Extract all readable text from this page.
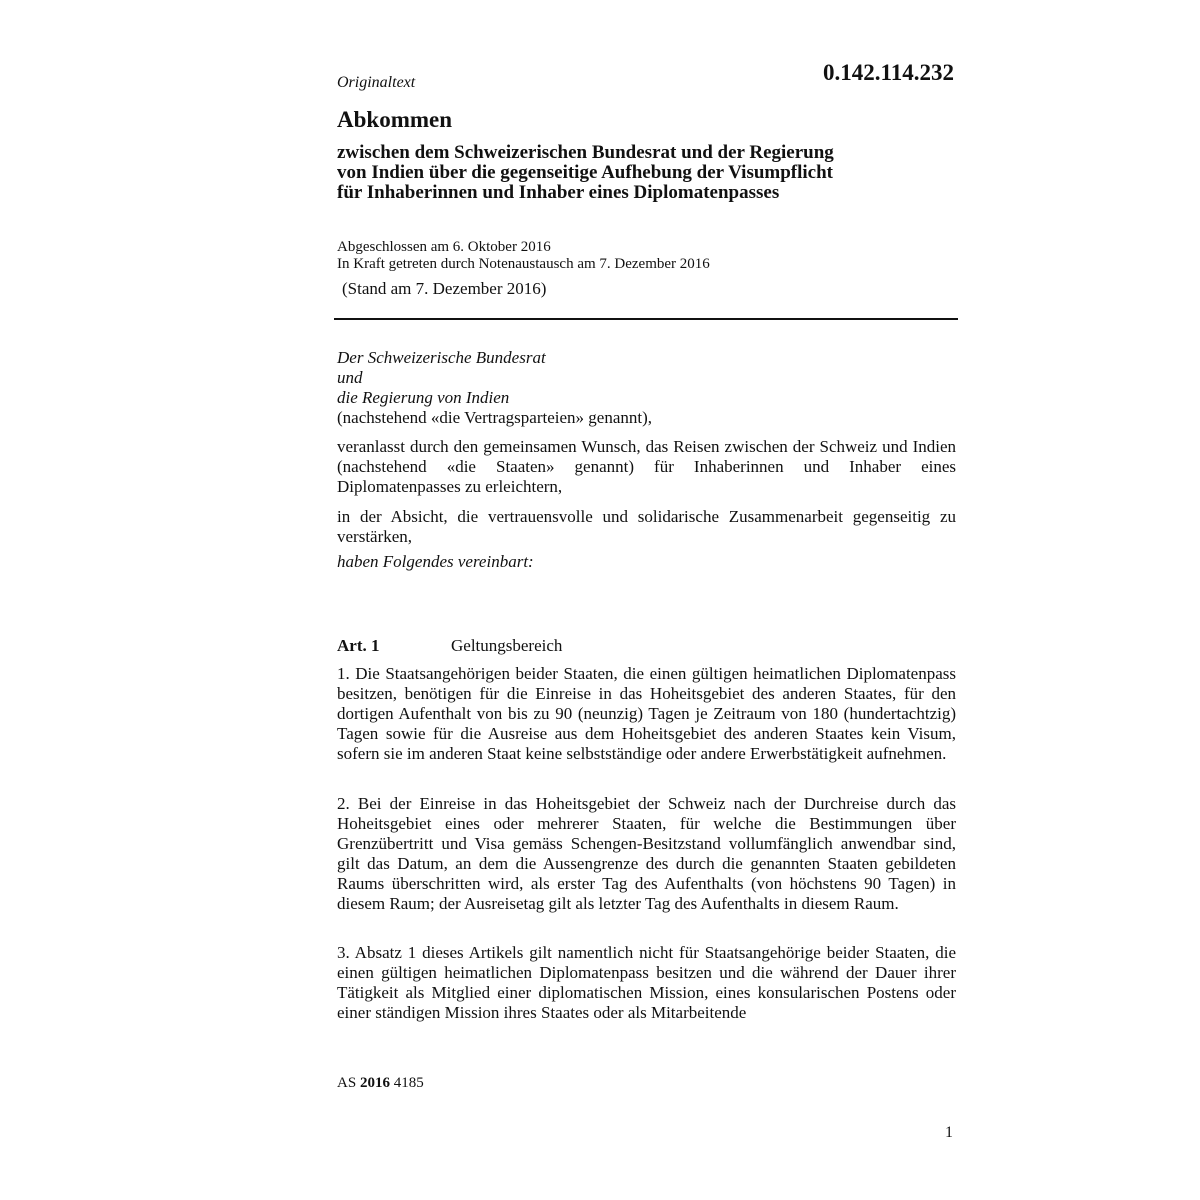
Originaltext	0.142.114.232
Abkommen
zwischen dem Schweizerischen Bundesrat und der Regierung
von Indien über die gegenseitige Aufhebung der Visumpflicht
für Inhaberinnen und Inhaber eines Diplomatenpasses
Abgeschlossen am 6. Oktober 2016
In Kraft getreten durch Notenaustausch am 7. Dezember 2016
(Stand am 7. Dezember 2016)
Der Schweizerische Bundesrat
und
die Regierung von Indien
(nachstehend «die Vertragsparteien» genannt),
veranlasst durch den gemeinsamen Wunsch, das Reisen zwischen der Schweiz und Indien (nachstehend «die Staaten» genannt) für Inhaberinnen und Inhaber eines Diplomatenpasses zu erleichtern,
in der Absicht, die vertrauensvolle und solidarische Zusammenarbeit gegenseitig zu verstärken,
haben Folgendes vereinbart:
Art. 1	Geltungsbereich
1. Die Staatsangehörigen beider Staaten, die einen gültigen heimatlichen Diplomatenpass besitzen, benötigen für die Einreise in das Hoheitsgebiet des anderen Staates, für den dortigen Aufenthalt von bis zu 90 (neunzig) Tagen je Zeitraum von 180 (hundertachtzig) Tagen sowie für die Ausreise aus dem Hoheitsgebiet des anderen Staates kein Visum, sofern sie im anderen Staat keine selbstständige oder andere Erwerbstätigkeit aufnehmen.
2. Bei der Einreise in das Hoheitsgebiet der Schweiz nach der Durchreise durch das Hoheitsgebiet eines oder mehrerer Staaten, für welche die Bestimmungen über Grenzübertritt und Visa gemäss Schengen-Besitzstand vollumfänglich anwendbar sind, gilt das Datum, an dem die Aussengrenze des durch die genannten Staaten gebildeten Raums überschritten wird, als erster Tag des Aufenthalts (von höchstens 90 Tagen) in diesem Raum; der Ausreisetag gilt als letzter Tag des Aufenthalts in diesem Raum.
3. Absatz 1 dieses Artikels gilt namentlich nicht für Staatsangehörige beider Staaten, die einen gültigen heimatlichen Diplomatenpass besitzen und die während der Dauer ihrer Tätigkeit als Mitglied einer diplomatischen Mission, eines konsularischen Postens oder einer ständigen Mission ihres Staates oder als Mitarbeitende
AS 2016 4185
1
